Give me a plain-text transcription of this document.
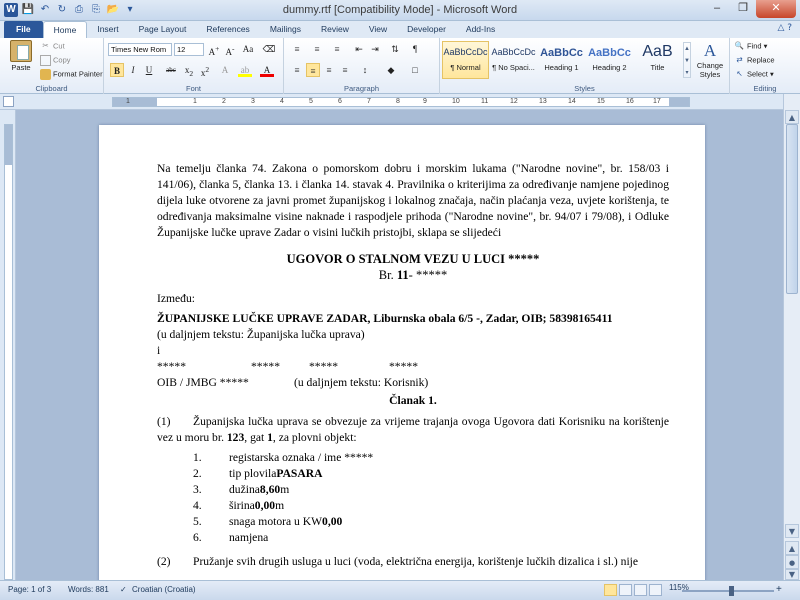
W 💾 ↶ ↻ ⎙ ⎘ 📂 ▾	dummy.rtf [Compatibility Mode] - Microsoft Word	–	❐	✕
File	Home	Insert	Page Layout	References	Mailings	Review	View	Developer	Add-Ins	△ ?
Paste
✂ Cut
Copy
Format Painter
Clipboard
Times New Rom	12	A+ A- Aa ⌫
B	I	U	abc	$x_2$ $x^2$	A	ab	A
Font
≡	≡	≡	⇤ ⇥	⇅	¶
≡	≡	≡	≡	↕	◆	□
Paragraph
AaBbCcDc
¶ Normal
AaBbCcDc
¶ No Spaci...
AaBbCc
Heading 1
AaBbCc
Heading 2
AaB
Title
▲
▼
▾
A
Change Styles
Styles
🔍 Find ▾
⇄ Replace
↖ Select ▾
Editing
1	1	2	3	4	5	6	7	8	9	10	11	12	13	14	15	16	17

Na temelju članka 74. Zakona o pomorskom dobru i morskim lukama ("Narodne novine", br. 158/03 i 141/06), članka 5, članka 13. i članka 14. stavak 4. Pravilnika o kriterijima za određivanje namjene pojedinog dijela luke otvorene za javni promet županijskog i lokalnog značaja, način plaćanja veza, uvjete korištenja, te određivanja maksimalne visine naknade i raspodjele prihoda ("Narodne novine", br. 94/07 i 79/08), i Odluke Županijske lučke uprave Zadar o visini lučkih pristojbi, sklapa se slijedeći

UGOVOR O STALNOM VEZU U LUCI *****

Br. 11- *****

Između:

ŽUPANIJSKE LUČKE UPRAVE ZADAR, Liburnska obala 6/5 -, Zadar, OIB; 58398165411

(u daljnjem tekstu: Županijska lučka uprava)

i

*****	*****	*****	*****

OIB / JMBG *****	(u daljnjem tekstu: Korisnik)

Članak 1.

(1) Županijska lučka uprava se obvezuje za vrijeme trajanja ovoga Ugovora dati Korisniku na korištenje vez u moru br. 123, gat 1, za plovni objekt:

1.	registarska oznaka / ime *****
2.	tip plovila PASARA
3.	dužina 8,60 m
4.	širina 0,00 m
5.	snaga motora u KW 0,00
6.	namjena

(2) Pružanje svih drugih usluga u luci (voda, električna energija, korištenje lučkih dizalica i sl.) nije

▲
▼
▲
●
▼
Page: 1 of 3 Words: 881 ✓ Croatian (Croatia)	+
115%
